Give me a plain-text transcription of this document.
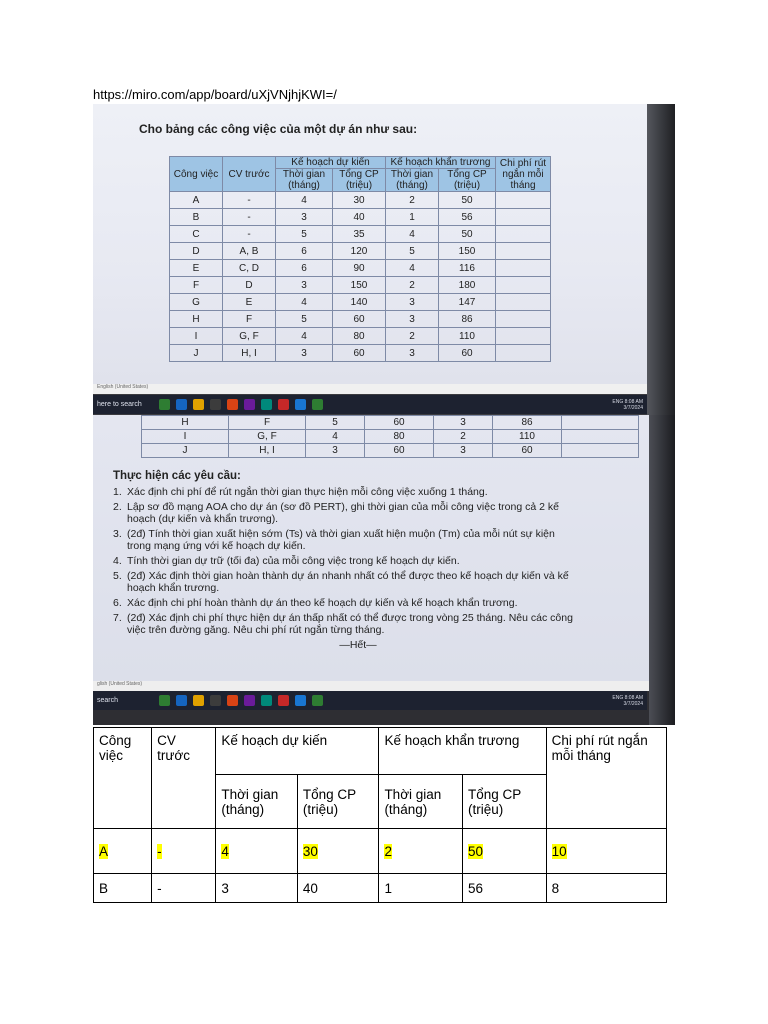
https://miro.com/app/board/uXjVNjhjKWI=/
Cho bảng các công việc của một dự án như sau:
Công việc	CV trước	Kế hoạch dự kiến		Kế hoạch khẩn trương		Chi phí rút ngắn mỗi tháng
		Thời gian (tháng)	Tổng CP (triệu)	Thời gian (tháng)	Tổng CP (triệu)	
A	-	4	30	2	50	
B	-	3	40	1	56	
C	-	5	35	4	50	
D	A, B	6	120	5	150	
E	C, D	6	90	4	116	
F	D	3	150	2	180	
G	E	4	140	3	147	
H	F	5	60	3	86	
I	G, F	4	80	2	110	
J	H, I	3	60	3	60	
English (United States)
here to search	ENG 8:08 AM
3/7/2024
H	F	5	60	3	86	
I	G, F	4	80	2	110	
J	H, I	3	60	3	60	
Thực hiện các yêu cầu:
1. Xác định chi phí để rút ngắn thời gian thực hiện mỗi công việc xuống 1 tháng.
2. Lập sơ đồ mạng AOA cho dự án (sơ đồ PERT), ghi thời gian của mỗi công việc trong cả 2 kế hoạch (dự kiến và khẩn trương).
3. (2đ) Tính thời gian xuất hiện sớm (Ts) và thời gian xuất hiện muộn (Tm) của mỗi nút sự kiện trong mạng ứng với kế hoạch dự kiến.
4. Tính thời gian dự trữ (tối đa) của mỗi công việc trong kế hoạch dự kiến.
5. (2đ) Xác định thời gian hoàn thành dự án nhanh nhất có thể được theo kế hoạch dự kiến và kế hoạch khẩn trương.
6. Xác định chi phí hoàn thành dự án theo kế hoạch dự kiến và kế hoạch khẩn trương.
7. (2đ) Xác định chi phí thực hiện dự án thấp nhất có thể được trong vòng 25 tháng. Nêu các công việc trên đường găng. Nêu chi phí rút ngắn từng tháng.
—Hết—
glish (United States)
search	ENG 8:08 AM
3/7/2024
Công việc	CV trước	Kế hoạch dự kiến		Kế hoạch khẩn trương		Chi phí rút ngắn mỗi tháng
		Thời gian (tháng)	Tổng CP (triệu)	Thời gian (tháng)	Tổng CP (triệu)	
A	-	4	30	2	50	10
B	-	3	40	1	56	8
